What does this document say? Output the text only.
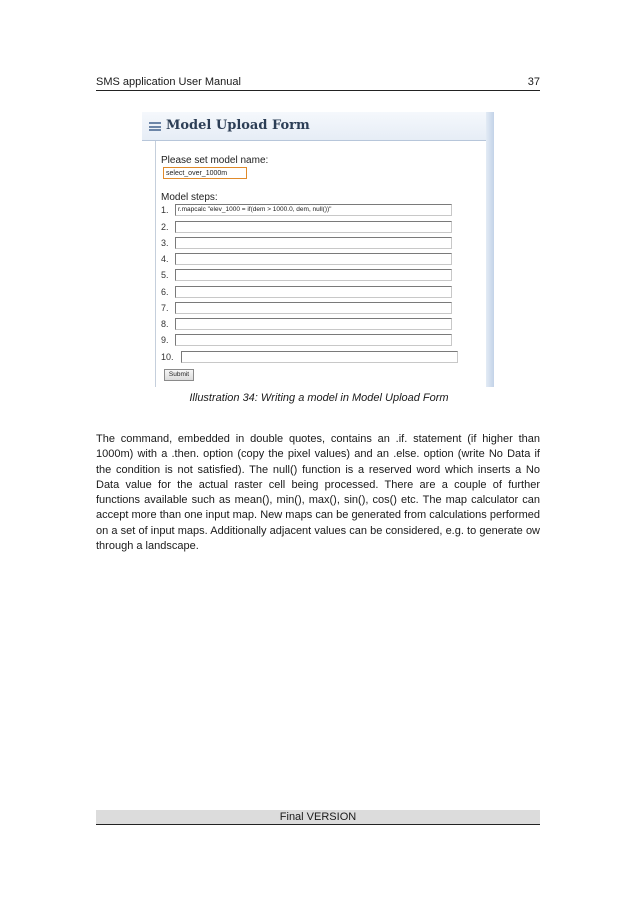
SMS application User Manual	37
Model Upload Form
Please set model name:
select_over_1000m
Model steps:
1.	r.mapcalc "elev_1000 = if(dem > 1000.0, dem, null())"
2.
3.
4.
5.
6.
7.
8.
9.
10.
Submit
Illustration 34: Writing a model in Model Upload Form
The command, embedded in double quotes, contains an .if. statement (if higher than 1000m) with a .then. option (copy the pixel values) and an .else. option (write No Data if the condition is not satisfied). The null() function is a reserved word which inserts a No Data value for the actual raster cell being processed. There are a couple of further functions available such as mean(), min(), max(), sin(), cos() etc. The map calculator can accept more than one input map. New maps can be generated from calculations performed on a set of input maps. Additionally adjacent values can be considered, e.g. to generate ow through a landscape.
Final VERSION
